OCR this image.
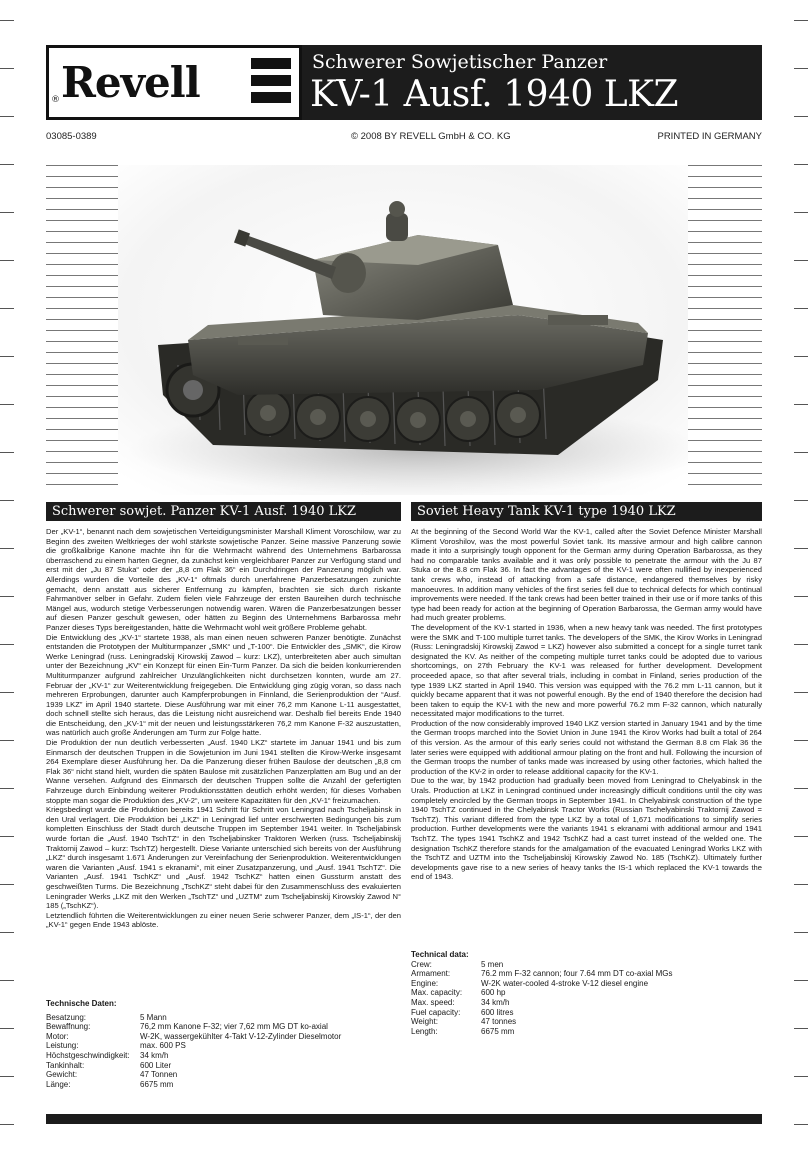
® Revell	Schwerer Sowjetischer Panzer
KV-1 Ausf. 1940 LKZ
03085-0389	© 2008 BY REVELL GmbH & CO. KG	PRINTED IN GERMANY
Schwerer sowjet. Panzer KV-1 Ausf. 1940 LKZ	Soviet Heavy Tank KV-1 type 1940 LKZ

Der „KV-1“, benannt nach dem sowjetischen Verteidigungsminister Marshall Kliment Voroschilow, war zu Beginn des zweiten Weltkrieges der wohl stärkste sowjetische Panzer. Seine massive Panzerung sowie die großkalibrige Kanone machte ihn für die Wehrmacht während des Unternehmens Barbarossa überraschend zu einem harten Gegner, da zunächst kein vergleichbarer Panzer zur Verfügung stand und erst mit der „Ju 87 Stuka“ oder der „8,8 cm Flak 36“ ein Durchdringen der Panzerung möglich war. Allerdings wurden die Vorteile des „KV-1“ oftmals durch unerfahrene Panzerbesatzungen zunichte gemacht, denn anstatt aus sicherer Entfernung zu kämpfen, brachten sie sich durch riskante Fahrmanöver selber in Gefahr. Zudem fielen viele Fahrzeuge der ersten Baureihen durch technische Mängel aus, wodurch stetige Verbesserungen notwendig waren. Wären die Panzerbesatzungen besser auf diesen Panzer geschult gewesen, oder hätten zu Beginn des Unternehmens Barbarossa mehr Panzer dieses Typs bereitgestanden, hätte die Wehrmacht wohl weit größere Probleme gehabt.

Die Entwicklung des „KV-1“ startete 1938, als man einen neuen schweren Panzer benötigte. Zunächst entstanden die Prototypen der Multiturmpanzer „SMK“ und „T-100“. Die Entwickler des „SMK“, die Kirow Werke Leningrad (russ. Leningradskij Kirowskij Zawod – kurz: LKZ), unterbreiteten aber auch simultan unter der Bezeichnung „KV“ ein Konzept für einen Ein-Turm Panzer. Da sich die beiden konkurrierenden Multiturmpanzer aufgrund zahlreicher Unzulänglichkeiten nicht durchsetzen konnten, wurde am 27. Februar der „KV-1“ zur Weiterentwicklung freigegeben. Die Entwicklung ging zügig voran, so dass nach mehreren Erprobungen, darunter auch Kampferprobungen in Finnland, die Serienproduktion der “Ausf. 1939 LKZ” im April 1940 startete. Diese Ausführung war mit einer 76,2 mm Kanone L-11 ausgestattet, doch schnell stellte sich heraus, das die Leistung nicht ausreichend war. Deshalb fiel bereits Ende 1940 die Entscheidung, den „KV-1“ mit der neuen und leistungsstärkeren 76,2 mm Kanone F-32 auszustatten, was natürlich auch große Änderungen am Turm zur Folge hatte.

Die Produktion der nun deutlich verbesserten „Ausf. 1940 LKZ“ startete im Januar 1941 und bis zum Einmarsch der deutschen Truppen in die Sowjetunion im Juni 1941 stellten die Kirow-Werke insgesamt 264 Exemplare dieser Ausführung her. Da die Panzerung dieser frühen Baulose der deutschen „8,8 cm Flak 36“ nicht stand hielt, wurden die späten Baulose mit zusätzlichen Panzerplatten am Bug und an der Wanne versehen. Aufgrund des Einmarsch der deutschen Truppen sollte die Anzahl der gefertigten Fahrzeuge durch Einbindung weiterer Produktionsstätten deutlich erhöht werden; für dieses Vorhaben stoppte man sogar die Produktion des „KV-2“, um weitere Kapazitäten für den „KV-1“ freizumachen.

Kriegsbedingt wurde die Produktion bereits 1941 Schritt für Schritt von Leningrad nach Tscheljabinsk in den Ural verlagert. Die Produktion bei „LKZ“ in Leningrad lief unter erschwerten Bedingungen bis zum kompletten Einschluss der Stadt durch deutsche Truppen im September 1941 weiter. In Tscheljabinsk wurde fortan die „Ausf. 1940 TschTZ“ in den Tscheljabinsker Traktoren Werken (russ. Tscheljabinskij Traktornij Zawod – kurz: TschTZ) hergestellt. Diese Variante unterschied sich bereits von der Ausführung „LKZ“ durch insgesamt 1.671 Änderungen zur Vereinfachung der Serienproduktion. Weiterentwicklungen waren die Varianten „Ausf. 1941 s ekranami“, mit einer Zusatzpanzerung, und „Ausf. 1941 TschTZ“. Die Varianten „Ausf. 1941 TschKZ“ und „Ausf. 1942 TschKZ“ hatten einen Gussturm anstatt des geschweißten Turms. Die Bezeichnung „TschKZ“ steht dabei für den Zusammenschluss des evakuierten Leningrader Werks „LKZ mit den Werken „TschTZ“ und „UZTM“ zum Tscheljabinskij Kirowskiy Zawod N° 185 („TschKZ“).

Letztendlich führten die Weiterentwicklungen zu einer neuen Serie schwerer Panzer, dem „IS-1“, der den „KV-1“ gegen Ende 1943 ablöste.

At the beginning of the Second World War the KV-1, called after the Soviet Defence Minister Marshall Kliment Voroshilov, was the most powerful Soviet tank. Its massive armour and high calibre cannon made it into a surprisingly tough opponent for the German army during Operation Barbarossa, as they had no comparable tanks available and it was only possible to penetrate the armour with the Ju 87 Stuka or the 8.8 cm Flak 36. In fact the advantages of the KV-1 were often nullified by inexperienced tank crews who, instead of attacking from a safe distance, endangered themselves by risky manoeuvres. In addition many vehicles of the first series fell due to technical defects for which continual improvements were needed. If the tank crews had been better trained in their use or if more tanks of this type had been ready for action at the beginning of Operation Barbarossa, the German army would have had much greater problems.

The development of the KV-1 started in 1936, when a new heavy tank was needed. The first prototypes were the SMK and T-100 multiple turret tanks. The developers of the SMK, the Kirov Works in Leningrad (Russ: Leningradskij Kirowskij Zawod = LKZ) however also submitted a concept for a single turret tank designated the KV. As neither of the competing multiple turret tanks could be adopted due to various shortcomings, on 27th February the KV-1 was released for further development. Development proceeded apace, so that after several trials, including in combat in Finland, series production of the type 1939 LKZ started in April 1940. This version was equipped with the 76.2 mm L-11 cannon, but it quickly became apparent that it was not powerful enough. By the end of 1940 therefore the decision had been taken to equip the KV-1 with the new and more powerful 76.2 mm F-32 cannon, which naturally necessitated major modifications to the turret.

Production of the now considerably improved 1940 LKZ version started in January 1941 and by the time the German troops marched into the Soviet Union in June 1941 the Kirov Works had built a total of 264 of this version. As the armour of this early series could not withstand the German 8.8 cm Flak 36 the later series were equipped with additional armour plating on the front and hull. Following the incursion of the German troops the number of tanks made was increased by using other factories, which halted the production of the KV-2 in order to release additional capacity for the KV-1.

Due to the war, by 1942 production had gradually been moved from Leningrad to Chelyabinsk in the Urals. Production at LKZ in Leningrad continued under increasingly difficult conditions until the city was completely encircled by the German troops in September 1941. In Chelyabinsk construction of the type 1940 TschTZ continued in the Chelyabinsk Tractor Works (Russian Tschelyabinski Traktornij Zawod = TschTZ). This variant differed from the type LKZ by a total of 1,671 modifications to simplify series production. Further developments were the variants 1941 s ekranami with additional armour and 1941 TschTZ. The types 1941 TschKZ and 1942 TschKZ had a cast turret instead of the welded one. The designation TschKZ therefore stands for the amalgamation of the evacuated Leningrad Works LKZ with the TschTZ and UZTM into the Tscheljabinskij Kirowskiy Zawod No. 185 (TschKZ). Ultimately further developments gave rise to a new series of heavy tanks the IS-1 which replaced the KV-1 towards the end of 1943.

Technische Daten:
Besatzung:	5 Mann
Bewaffnung:	76,2 mm Kanone F-32; vier 7,62 mm MG DT ko-axial
Motor:	W-2K, wassergekühlter 4-Takt V-12-Zylinder Dieselmotor
Leistung:	max. 600 PS
Höchstgeschwindigkeit:	34 km/h
Tankinhalt:	600 Liter
Gewicht:	47 Tonnen
Länge:	6675 mm
Technical data:
Crew:	5 men
Armament:	76.2 mm F-32 cannon; four 7.64 mm DT co-axial MGs
Engine:	W-2K water-cooled 4-stroke V-12 diesel engine
Max. capacity:	600 hp
Max. speed:	34 km/h
Fuel capacity:	600 litres
Weight:	47 tonnes
Length:	6675 mm
